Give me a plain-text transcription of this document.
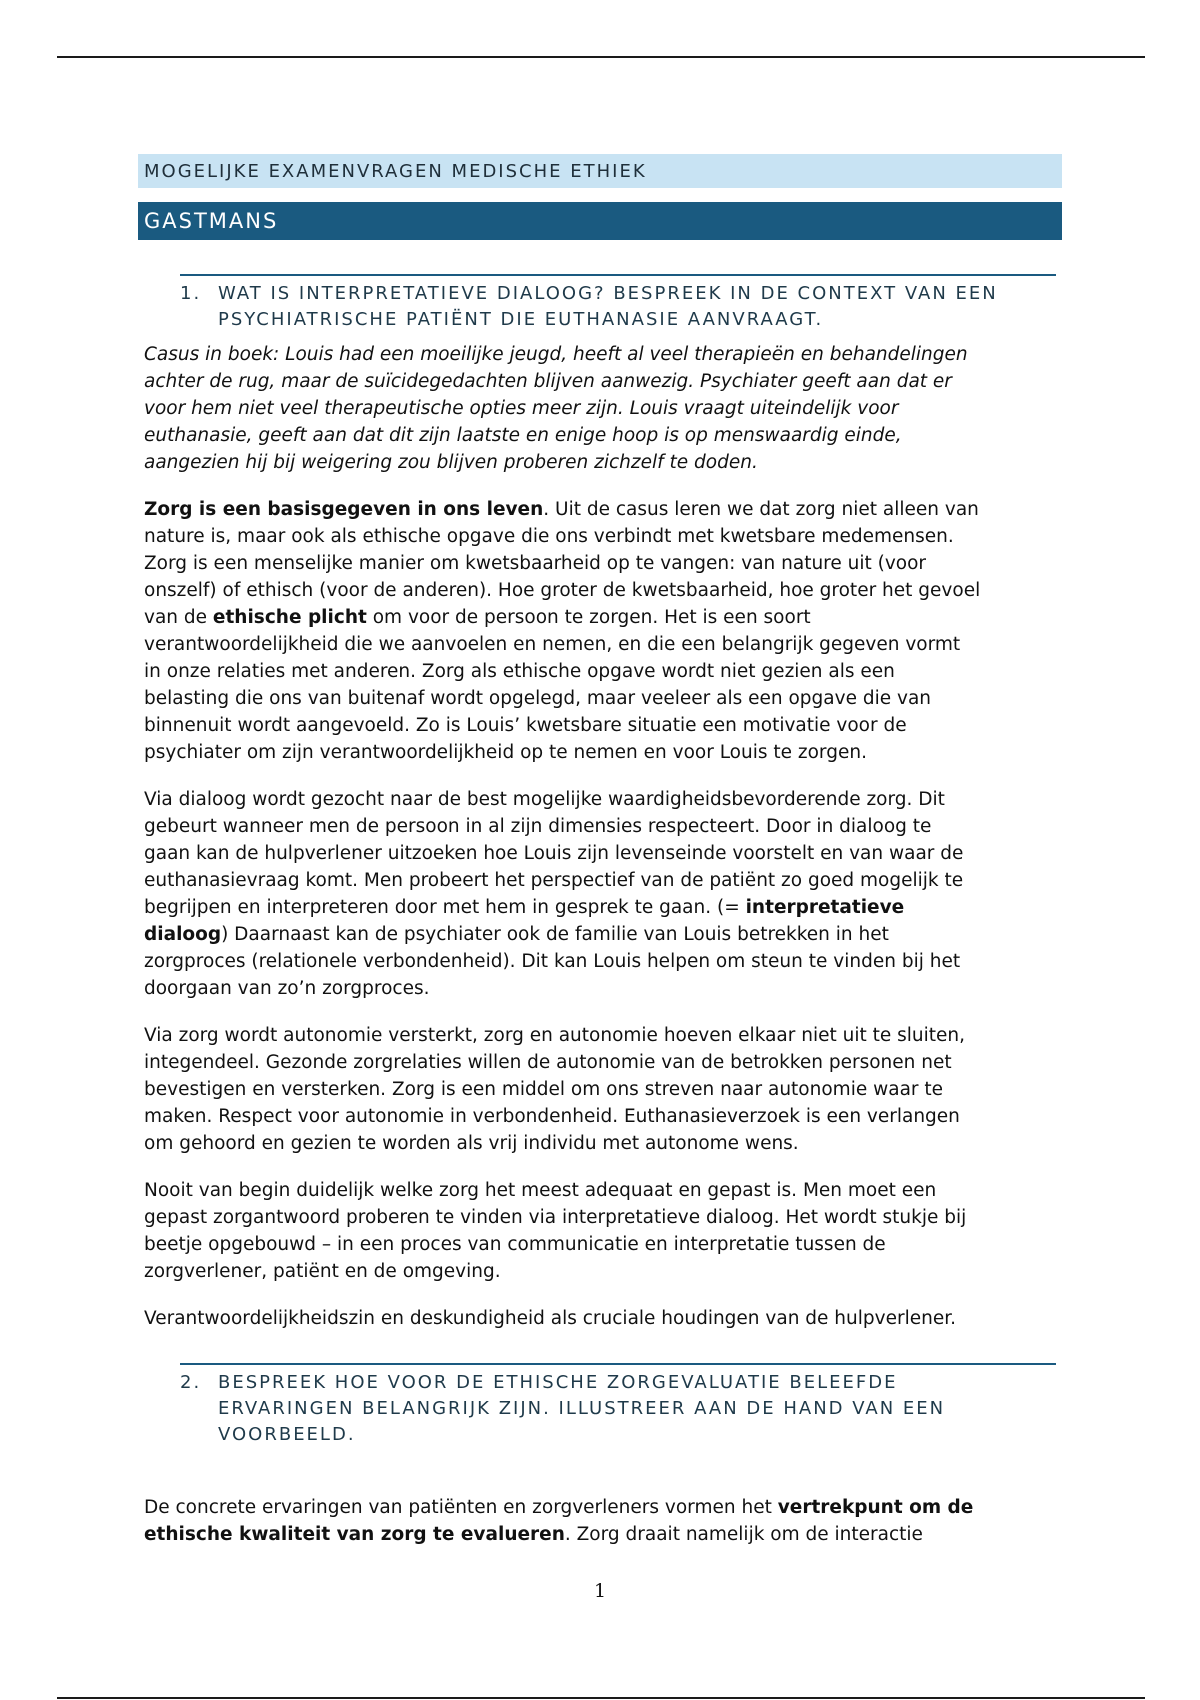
MOGELIJKE EXAMENVRAGEN MEDISCHE ETHIEK
GASTMANS
1. WAT IS INTERPRETATIEVE DIALOOG? BESPREEK IN DE CONTEXT VAN EEN
PSYCHIATRISCHE PATIËNT DIE EUTHANASIE AANVRAAGT.
Casus in boek: Louis had een moeilijke jeugd, heeft al veel therapieën en behandelingen
achter de rug, maar de suïcidegedachten blijven aanwezig. Psychiater geeft aan dat er
voor hem niet veel therapeutische opties meer zijn. Louis vraagt uiteindelijk voor
euthanasie, geeft aan dat dit zijn laatste en enige hoop is op menswaardig einde,
aangezien hij bij weigering zou blijven proberen zichzelf te doden.
Zorg is een basisgegeven in ons leven. Uit de casus leren we dat zorg niet alleen van
nature is, maar ook als ethische opgave die ons verbindt met kwetsbare medemensen.
Zorg is een menselijke manier om kwetsbaarheid op te vangen: van nature uit (voor
onszelf) of ethisch (voor de anderen). Hoe groter de kwetsbaarheid, hoe groter het gevoel
van de ethische plicht om voor de persoon te zorgen. Het is een soort
verantwoordelijkheid die we aanvoelen en nemen, en die een belangrijk gegeven vormt
in onze relaties met anderen. Zorg als ethische opgave wordt niet gezien als een
belasting die ons van buitenaf wordt opgelegd, maar veeleer als een opgave die van
binnenuit wordt aangevoeld. Zo is Louis’ kwetsbare situatie een motivatie voor de
psychiater om zijn verantwoordelijkheid op te nemen en voor Louis te zorgen.
Via dialoog wordt gezocht naar de best mogelijke waardigheidsbevorderende zorg. Dit
gebeurt wanneer men de persoon in al zijn dimensies respecteert. Door in dialoog te
gaan kan de hulpverlener uitzoeken hoe Louis zijn levenseinde voorstelt en van waar de
euthanasievraag komt. Men probeert het perspectief van de patiënt zo goed mogelijk te
begrijpen en interpreteren door met hem in gesprek te gaan. (= interpretatieve
dialoog) Daarnaast kan de psychiater ook de familie van Louis betrekken in het
zorgproces (relationele verbondenheid). Dit kan Louis helpen om steun te vinden bij het
doorgaan van zo’n zorgproces.
Via zorg wordt autonomie versterkt, zorg en autonomie hoeven elkaar niet uit te sluiten,
integendeel. Gezonde zorgrelaties willen de autonomie van de betrokken personen net
bevestigen en versterken. Zorg is een middel om ons streven naar autonomie waar te
maken. Respect voor autonomie in verbondenheid. Euthanasieverzoek is een verlangen
om gehoord en gezien te worden als vrij individu met autonome wens.
Nooit van begin duidelijk welke zorg het meest adequaat en gepast is. Men moet een
gepast zorgantwoord proberen te vinden via interpretatieve dialoog. Het wordt stukje bij
beetje opgebouwd – in een proces van communicatie en interpretatie tussen de
zorgverlener, patiënt en de omgeving.
Verantwoordelijkheidszin en deskundigheid als cruciale houdingen van de hulpverlener.
2. BESPREEK HOE VOOR DE ETHISCHE ZORGEVALUATIE BELEEFDE
ERVARINGEN BELANGRIJK ZIJN. ILLUSTREER AAN DE HAND VAN EEN
VOORBEELD.
De concrete ervaringen van patiënten en zorgverleners vormen het vertrekpunt om de
ethische kwaliteit van zorg te evalueren. Zorg draait namelijk om de interactie
1
